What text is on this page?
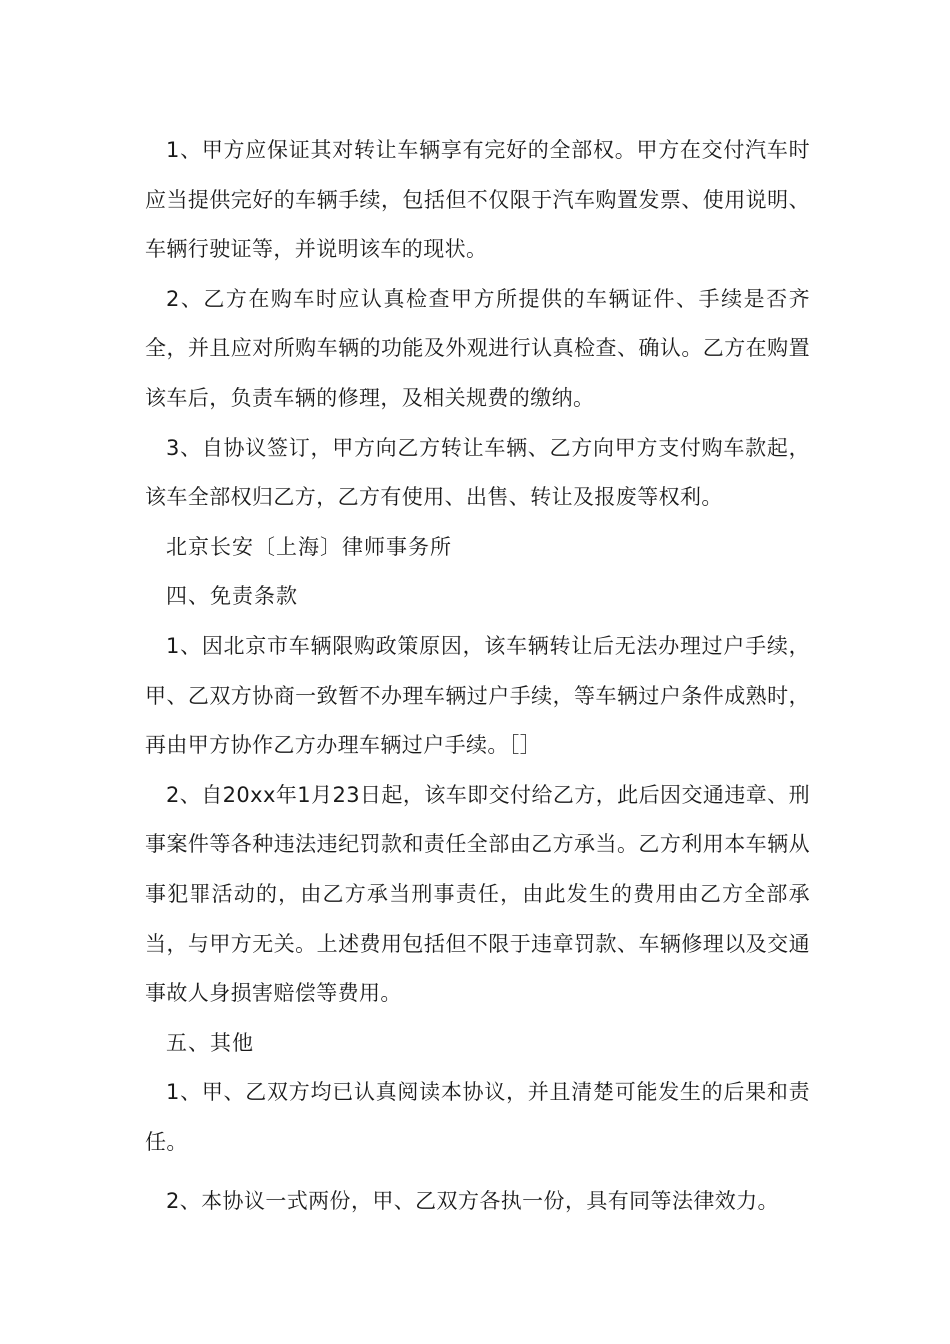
1、甲方应保证其对转让车辆享有完好的全部权。甲方在交付汽车时应当提供完好的车辆手续，包括但不仅限于汽车购置发票、使用说明、车辆行驶证等，并说明该车的现状。

2、乙方在购车时应认真检查甲方所提供的车辆证件、手续是否齐全，并且应对所购车辆的功能及外观进行认真检查、确认。乙方在购置该车后，负责车辆的修理，及相关规费的缴纳。

3、自协议签订，甲方向乙方转让车辆、乙方向甲方支付购车款起，该车全部权归乙方，乙方有使用、出售、转让及报废等权利。

北京长安〔上海〕律师事务所

四、免责条款

1、因北京市车辆限购政策原因，该车辆转让后无法办理过户手续，甲、乙双方协商一致暂不办理车辆过户手续，等车辆过户条件成熟时，再由甲方协作乙方办理车辆过户手续。［］

2、自20xx年1月23日起，该车即交付给乙方，此后因交通违章、刑事案件等各种违法违纪罚款和责任全部由乙方承当。乙方利用本车辆从事犯罪活动的，由乙方承当刑事责任，由此发生的费用由乙方全部承当，与甲方无关。上述费用包括但不限于违章罚款、车辆修理以及交通事故人身损害赔偿等费用。

五、其他

1、甲、乙双方均已认真阅读本协议，并且清楚可能发生的后果和责任。

2、本协议一式两份，甲、乙双方各执一份，具有同等法律效力。
